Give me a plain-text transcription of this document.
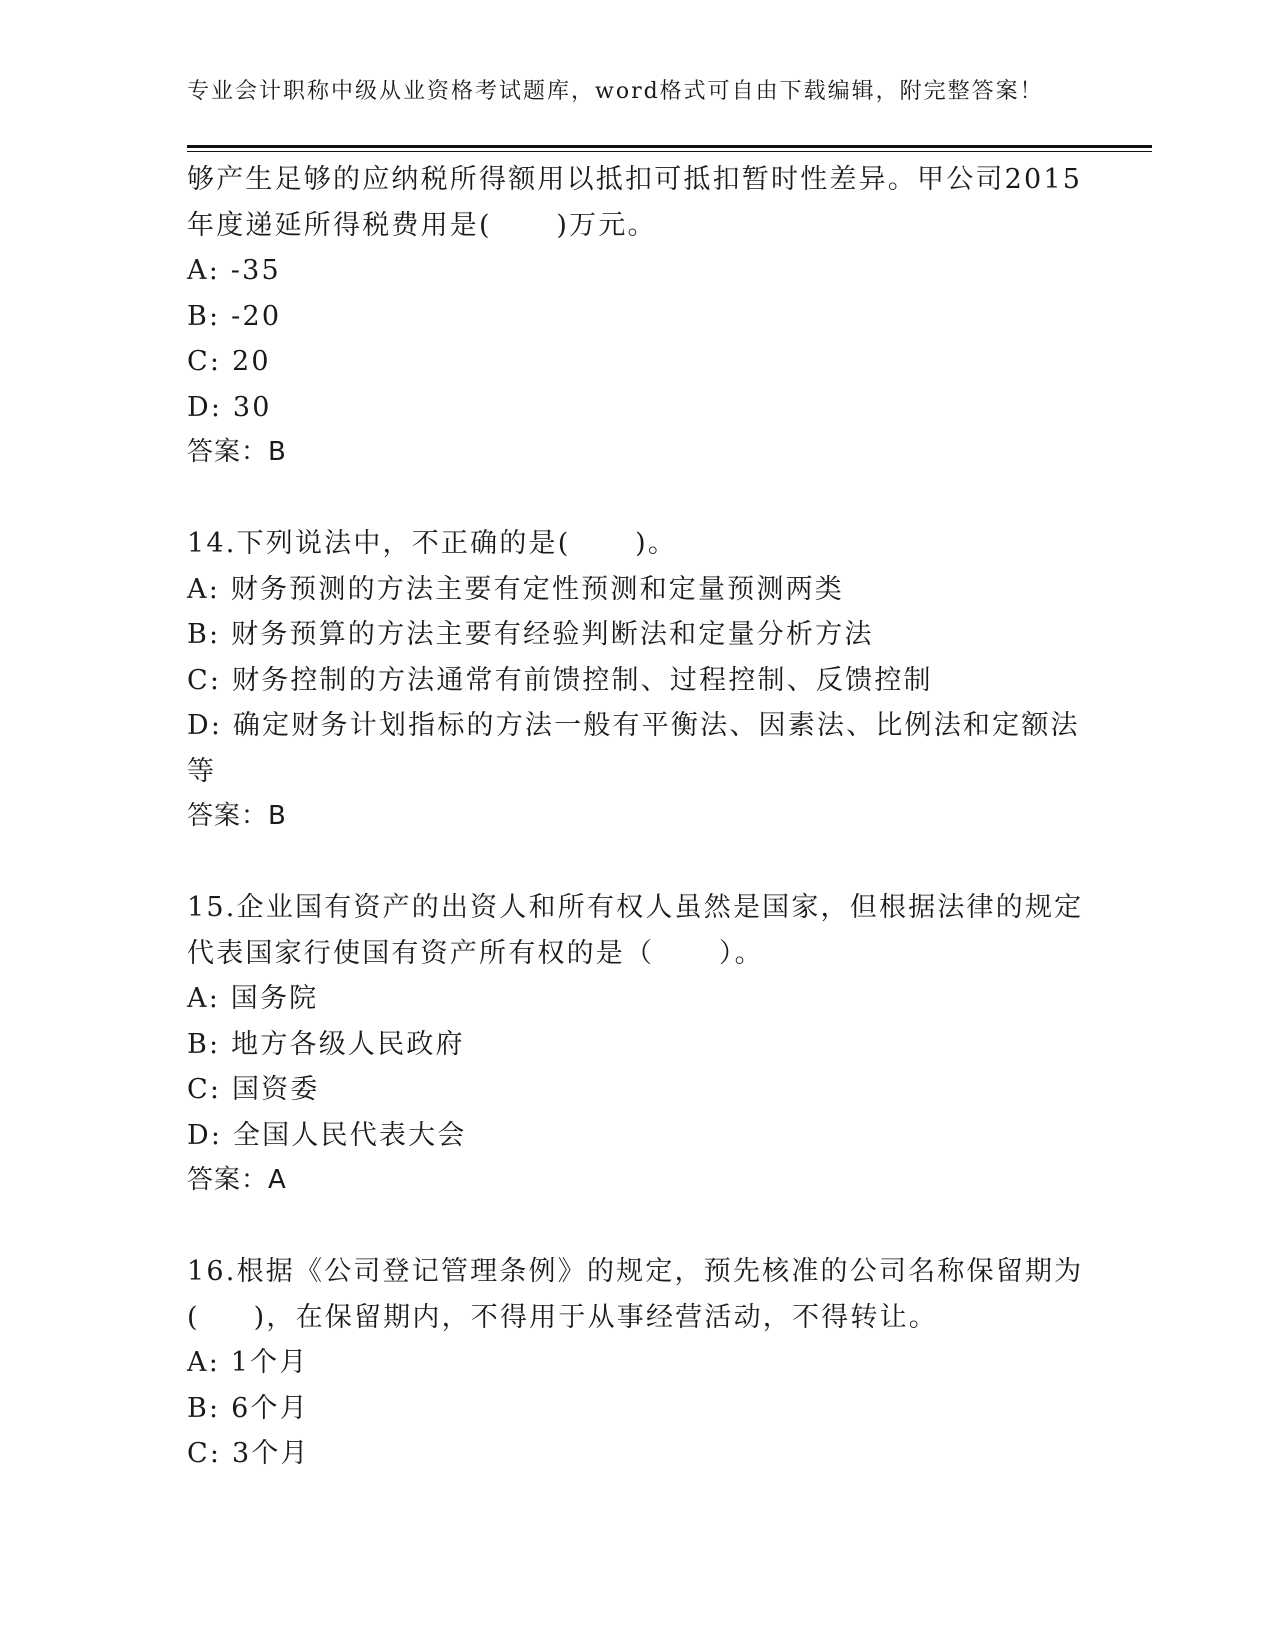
专业会计职称中级从业资格考试题库，word格式可自由下载编辑，附完整答案！
够产生足够的应纳税所得额用以抵扣可抵扣暂时性差异。甲公司2015
年度递延所得税费用是(      )万元。
A: -35
B: -20
C: 20
D: 30
答案：B
14.下列说法中，不正确的是(      )。
A: 财务预测的方法主要有定性预测和定量预测两类
B: 财务预算的方法主要有经验判断法和定量分析方法
C: 财务控制的方法通常有前馈控制、过程控制、反馈控制
D: 确定财务计划指标的方法一般有平衡法、因素法、比例法和定额法
等
答案：B
15.企业国有资产的出资人和所有权人虽然是国家，但根据法律的规定
代表国家行使国有资产所有权的是（      ）。
A: 国务院
B: 地方各级人民政府
C: 国资委
D: 全国人民代表大会
答案：A
16.根据《公司登记管理条例》的规定，预先核准的公司名称保留期为
(     )，在保留期内，不得用于从事经营活动，不得转让。
A: 1个月
B: 6个月
C: 3个月
